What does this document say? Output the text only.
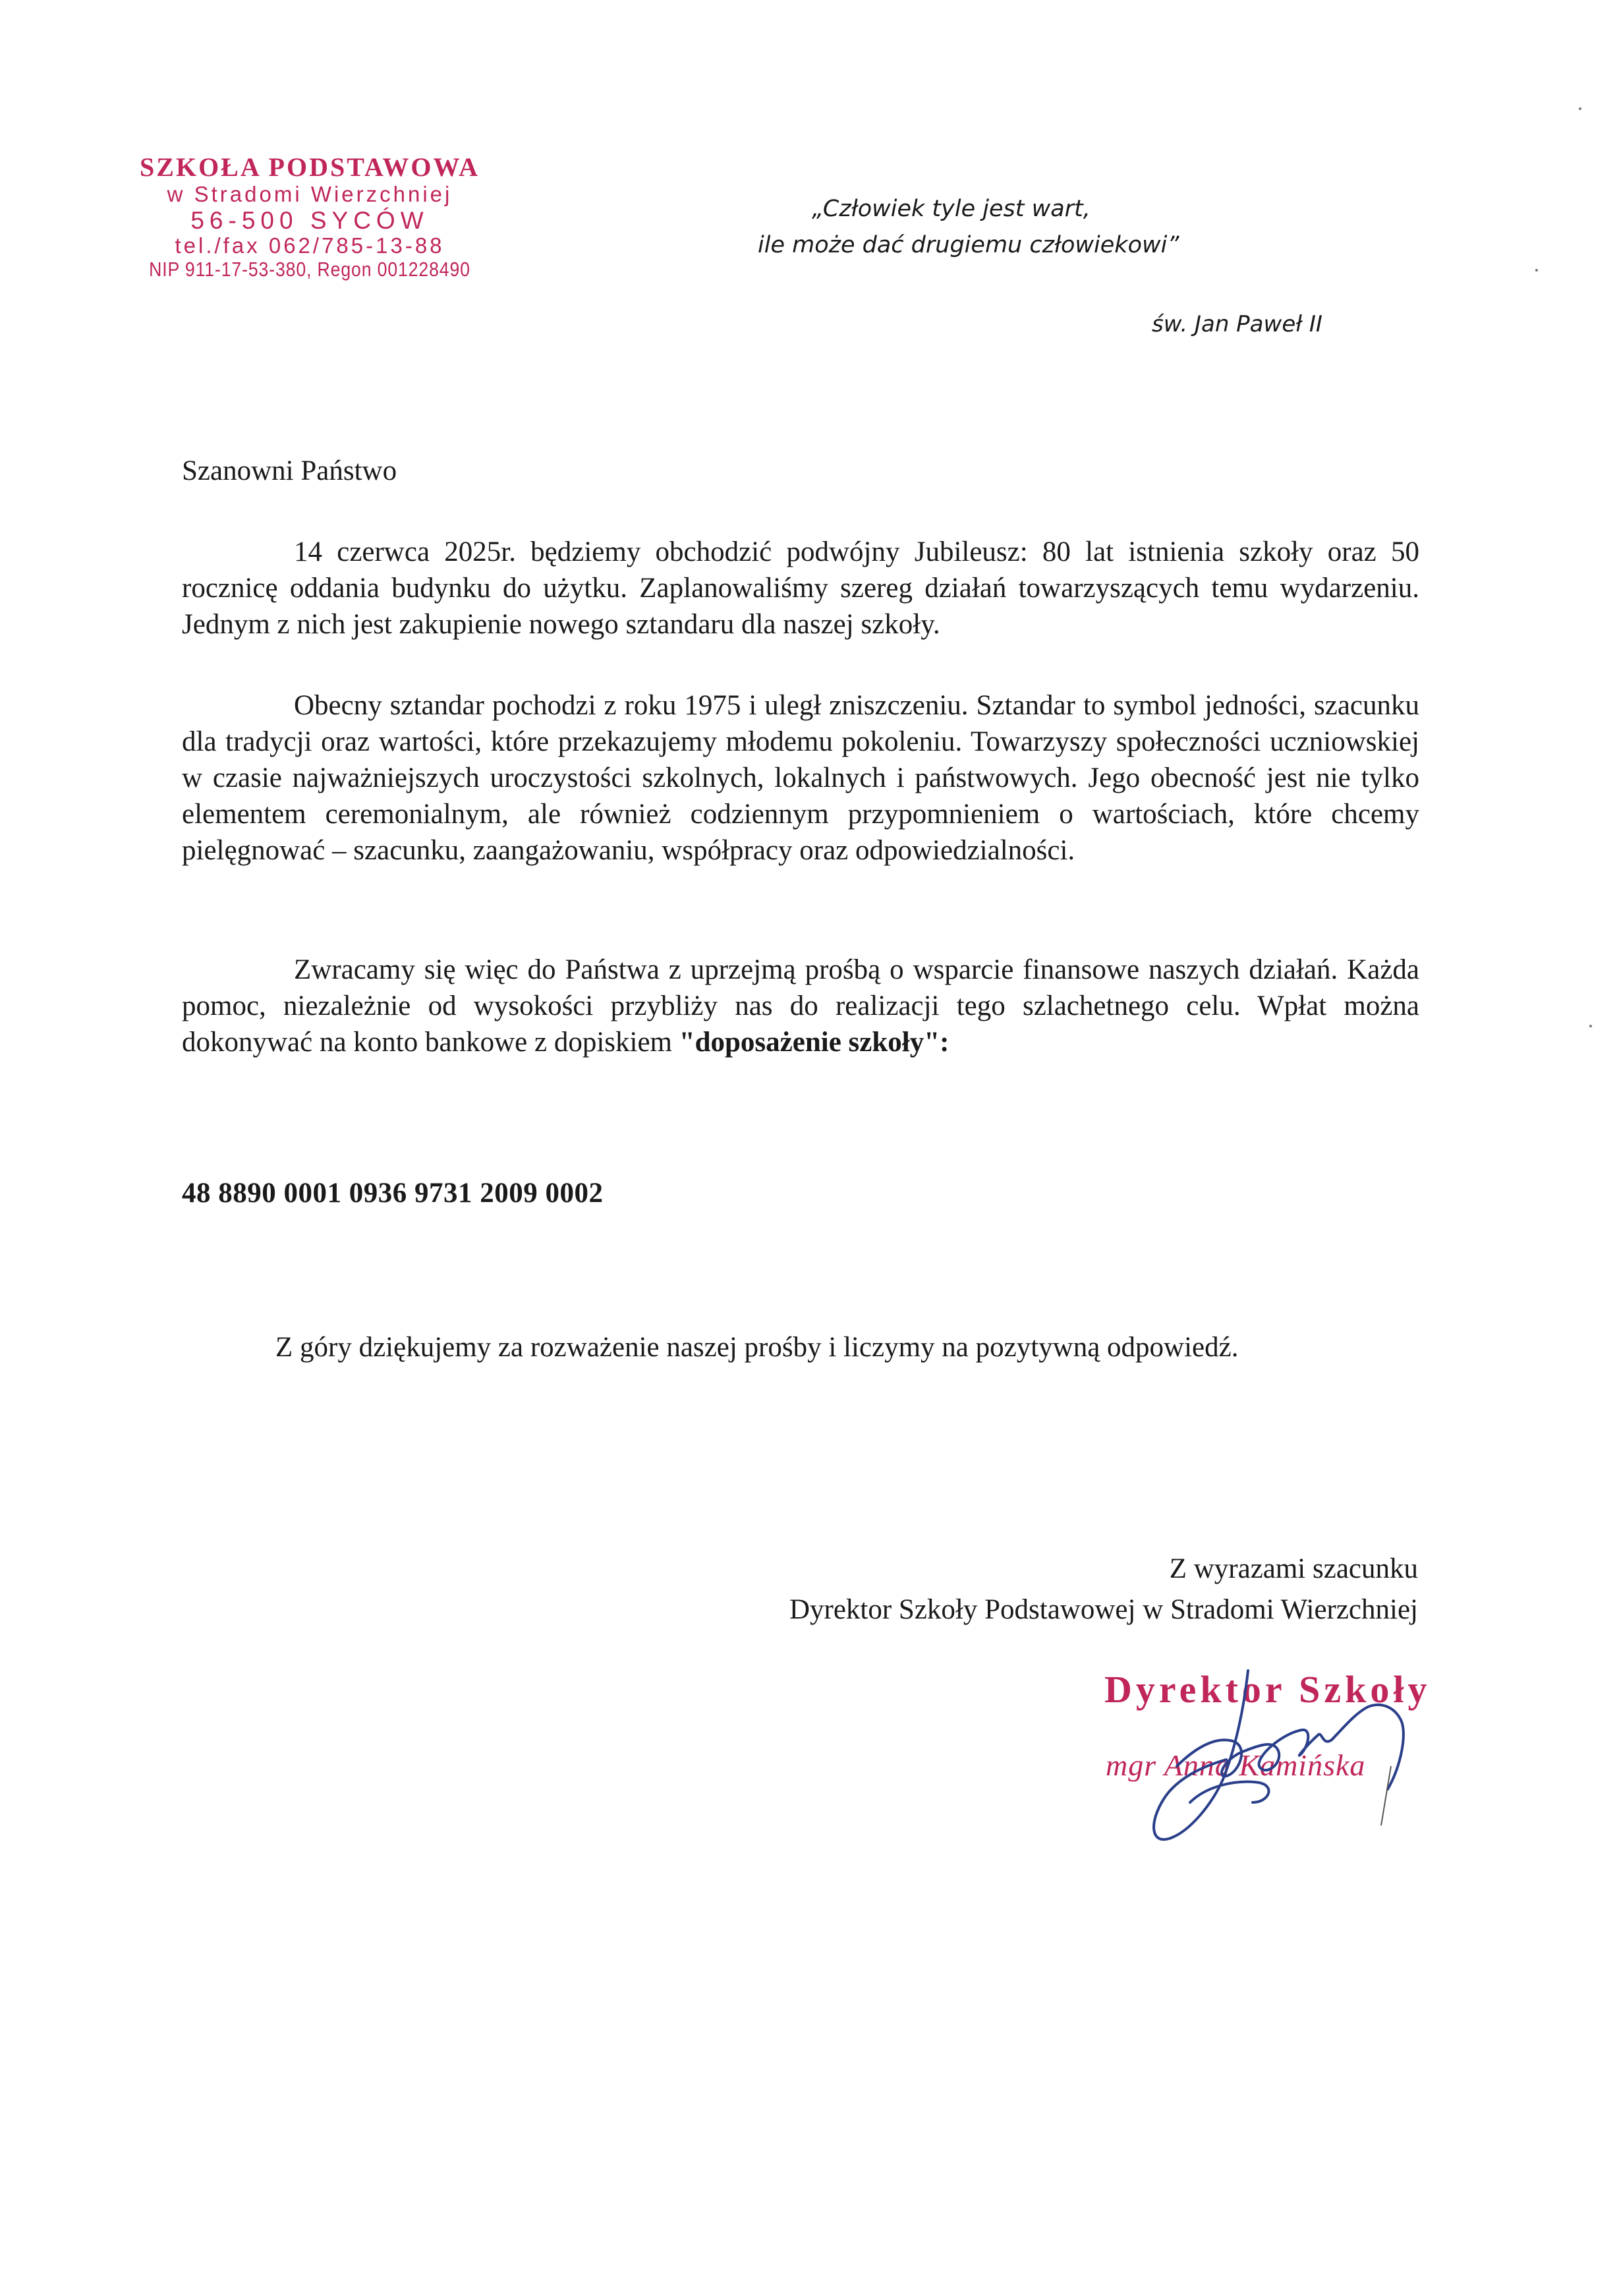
SZKOŁA PODSTAWOWA
w Stradomi Wierzchniej
56-500 SYCÓW
tel./fax 062/785-13-88
NIP 911-17-53-380, Regon 001228490
„Człowiek tyle jest wart,
ile może dać drugiemu człowiekowi”
św. Jan Paweł II
Szanowni Państwo
14 czerwca 2025r. będziemy obchodzić podwójny Jubileusz: 80 lat istnienia szkoły oraz 50 rocznicę oddania budynku do użytku. Zaplanowaliśmy szereg działań towarzyszących temu wydarzeniu. Jednym z nich jest zakupienie nowego sztandaru dla naszej szkoły.
Obecny sztandar pochodzi z roku 1975 i uległ zniszczeniu. Sztandar to symbol jedności, szacunku dla tradycji oraz wartości, które przekazujemy młodemu pokoleniu. Towarzyszy społeczności uczniowskiej w czasie najważniejszych uroczystości szkolnych, lokalnych i państwowych. Jego obecność jest nie tylko elementem ceremonialnym, ale również codziennym przypomnieniem o wartościach, które chcemy pielęgnować – szacunku, zaangażowaniu, współpracy oraz odpowiedzialności.
Zwracamy się więc do Państwa z uprzejmą prośbą o wsparcie finansowe naszych działań. Każda pomoc, niezależnie od wysokości przybliży nas do realizacji tego szlachetnego celu. Wpłat można dokonywać na konto bankowe z dopiskiem "doposażenie szkoły":
48 8890 0001 0936 9731 2009 0002
Z góry dziękujemy za rozważenie naszej prośby i liczymy na pozytywną odpowiedź.
Z wyrazami szacunku
Dyrektor Szkoły Podstawowej w Stradomi Wierzchniej
Dyrektor Szkoły
mgr Anna Kamińska
